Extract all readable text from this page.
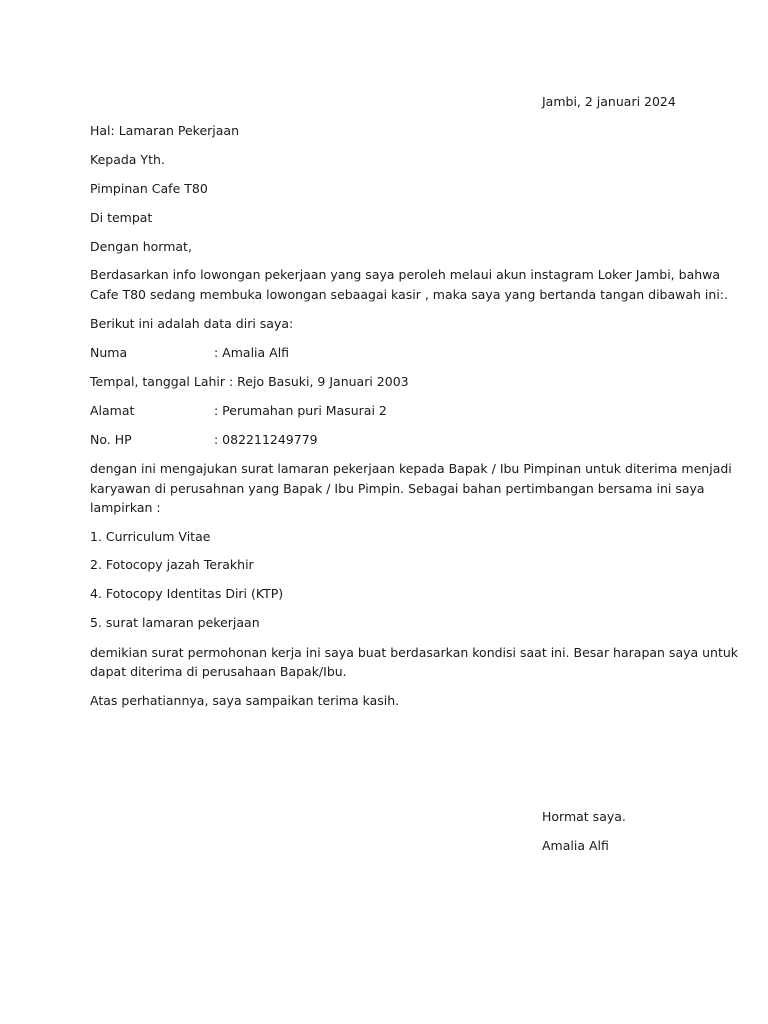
Jambi, 2 januari 2024
Hal: Lamaran Pekerjaan
Kepada Yth.
Pimpinan Cafe T80
Di tempat
Dengan hormat,
Berdasarkan info lowongan pekerjaan yang saya peroleh melaui akun instagram Loker Jambi, bahwa
Cafe T80 sedang membuka lowongan sebaagai kasir , maka saya yang bertanda tangan dibawah ini:.
Berikut ini adalah data diri saya:
Numa	: Amalia Alfi
Tempal, tanggal Lahir : Rejo Basuki, 9 Januari 2003
Alamat	: Perumahan puri Masurai 2
No. HP	: 082211249779
dengan ini mengajukan surat lamaran pekerjaan kepada Bapak / Ibu Pimpinan untuk diterima menjadi
karyawan di perusahnan yang Bapak / Ibu Pimpin. Sebagai bahan pertimbangan bersama ini saya
lampirkan :
1. Curriculum Vitae
2. Fotocopy jazah Terakhir
4. Fotocopy Identitas Diri (KTP)
5. surat lamaran pekerjaan
demikian surat permohonan kerja ini saya buat berdasarkan kondisi saat ini. Besar harapan saya untuk
dapat diterima di perusahaan Bapak/Ibu.
Atas perhatiannya, saya sampaikan terima kasih.
Hormat saya.
Amalia Alfi
